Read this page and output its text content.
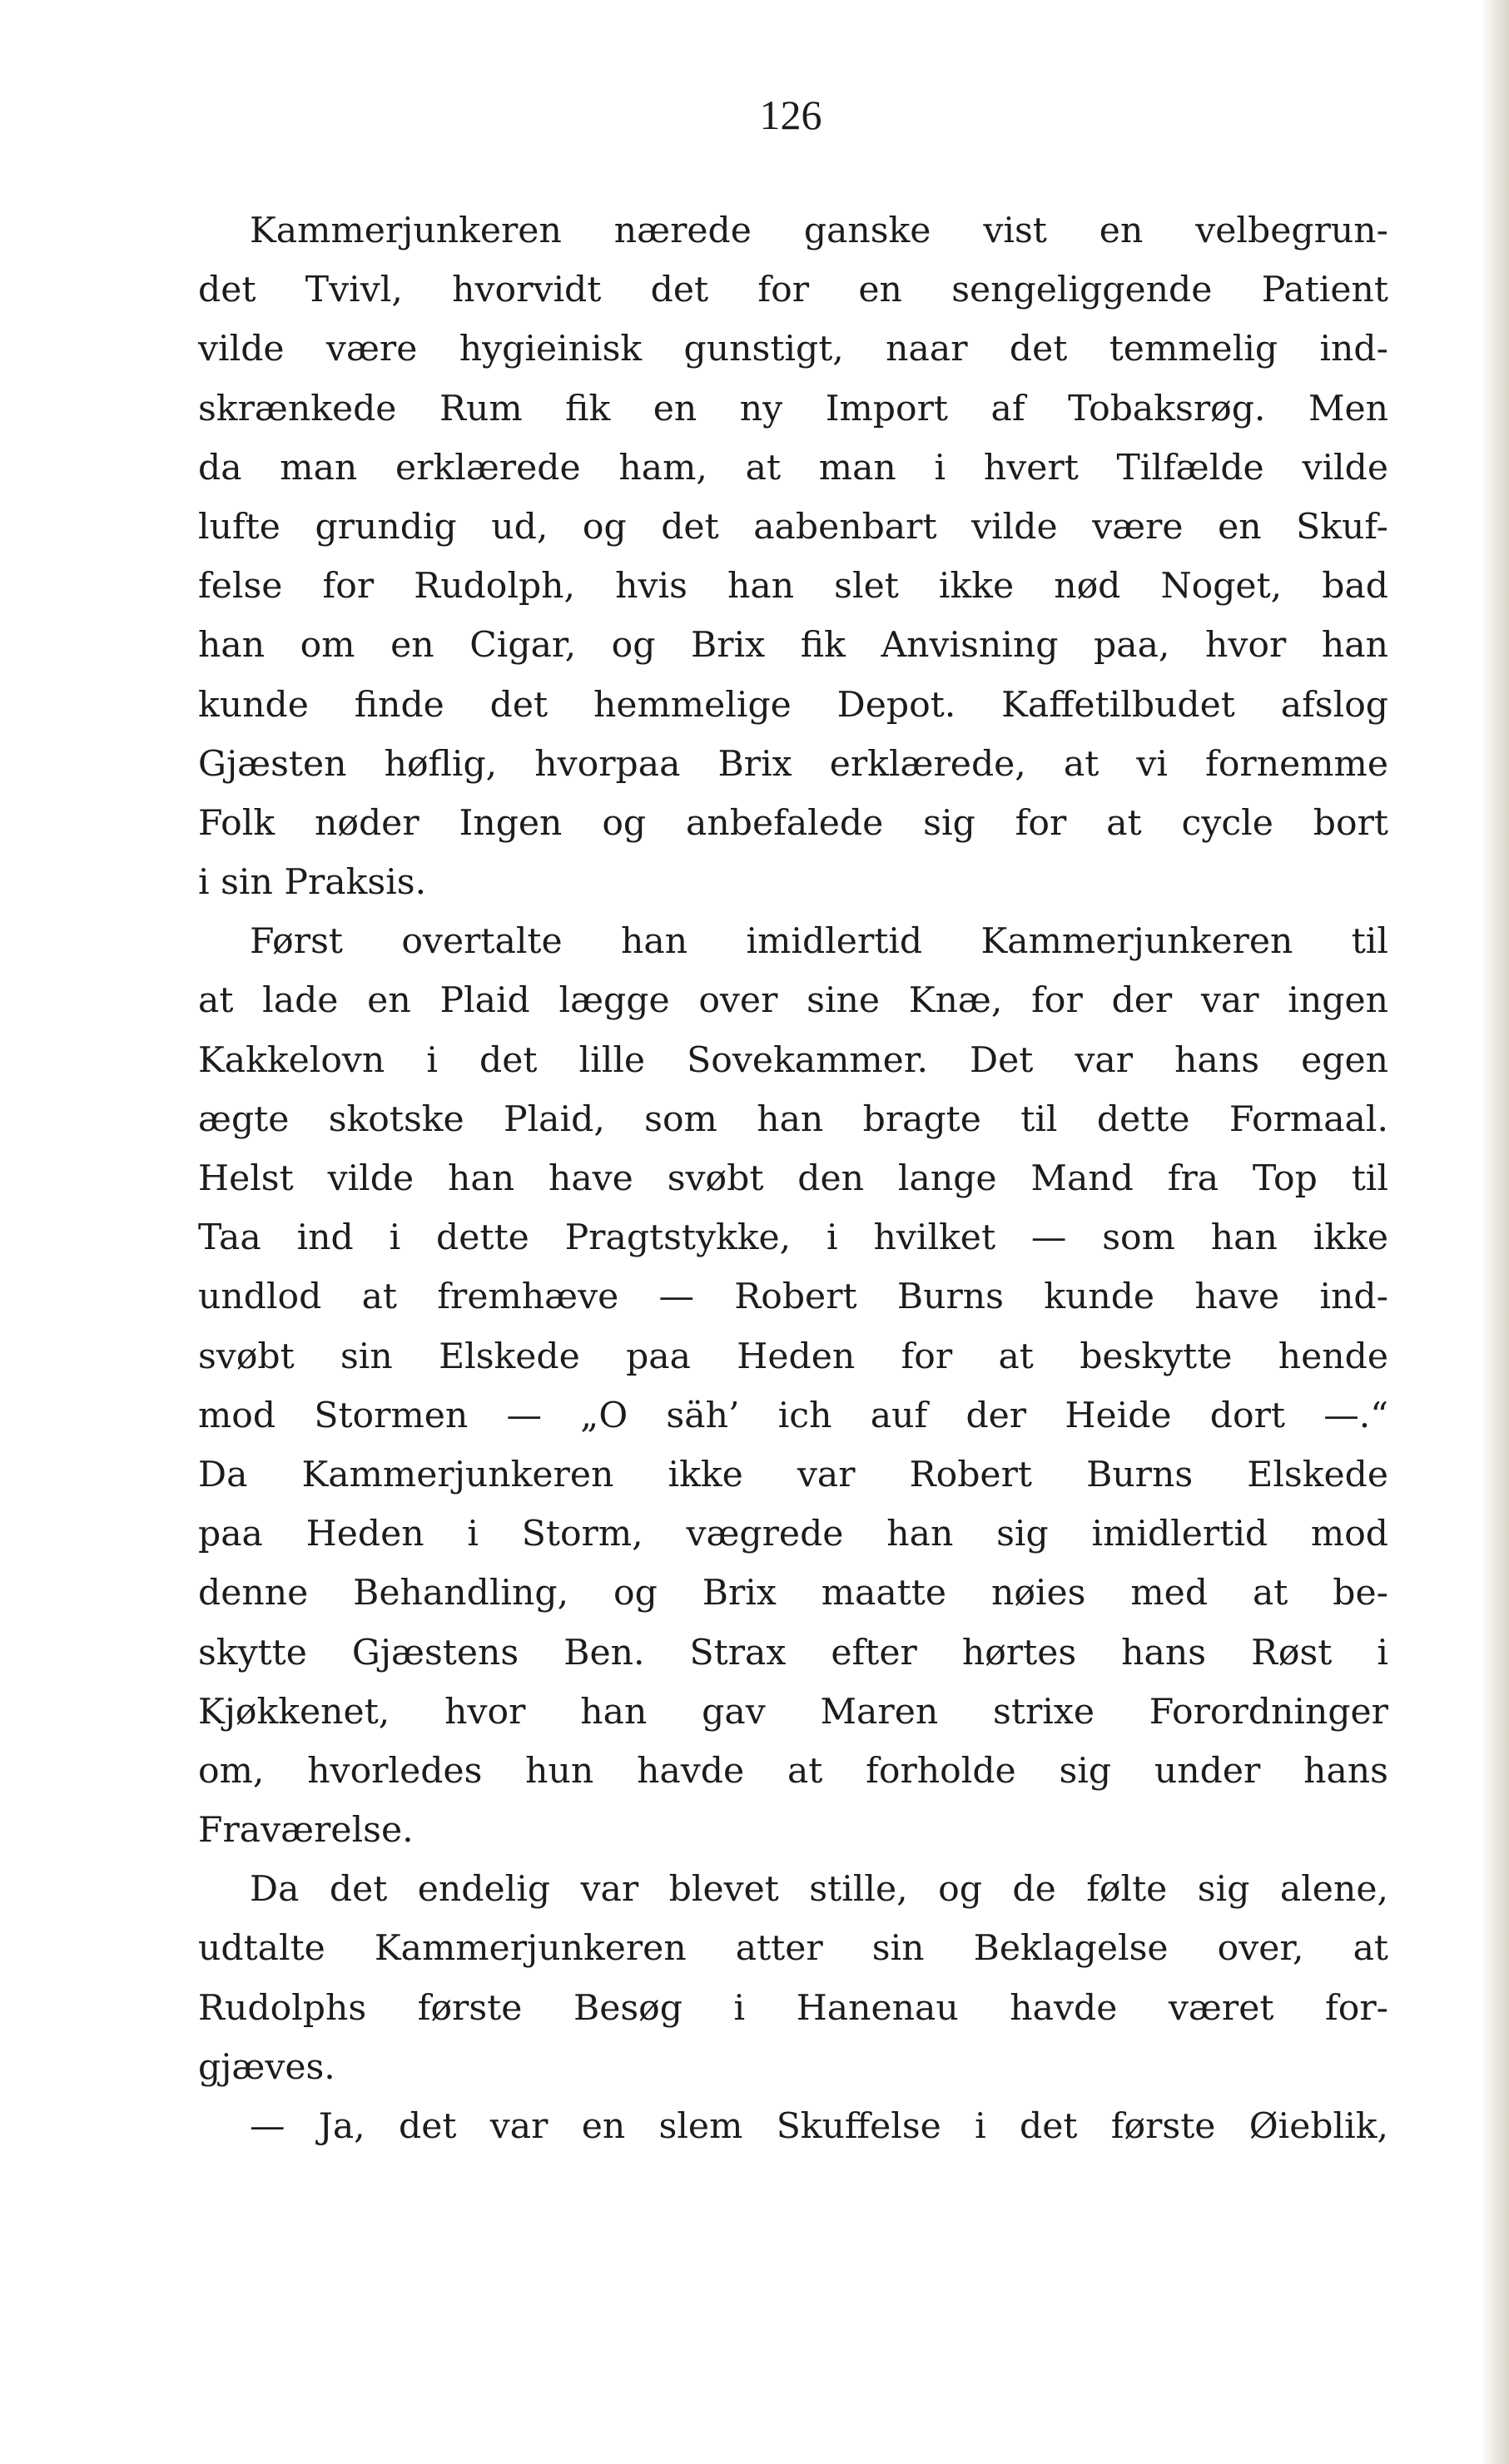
126
Kammerjunkeren nærede ganske vist en velbegrun-
det Tvivl, hvorvidt det for en sengeliggende Patient
vilde være hygieinisk gunstigt, naar det temmelig ind-
skrænkede Rum fik en ny Import af Tobaksrøg. Men
da man erklærede ham, at man i hvert Tilfælde vilde
lufte grundig ud, og det aabenbart vilde være en Skuf-
felse for Rudolph, hvis han slet ikke nød Noget, bad
han om en Cigar, og Brix fik Anvisning paa, hvor han
kunde finde det hemmelige Depot. Kaffetilbudet afslog
Gjæsten høflig, hvorpaa Brix erklærede, at vi fornemme
Folk nøder Ingen og anbefalede sig for at cycle bort
i sin Praksis.
Først overtalte han imidlertid Kammerjunkeren til
at lade en Plaid lægge over sine Knæ, for der var ingen
Kakkelovn i det lille Sovekammer. Det var hans egen
ægte skotske Plaid, som han bragte til dette Formaal.
Helst vilde han have svøbt den lange Mand fra Top til
Taa ind i dette Pragtstykke, i hvilket — som han ikke
undlod at fremhæve — Robert Burns kunde have ind-
svøbt sin Elskede paa Heden for at beskytte hende
mod Stormen — „O säh’ ich auf der Heide dort —.“
Da Kammerjunkeren ikke var Robert Burns Elskede
paa Heden i Storm, vægrede han sig imidlertid mod
denne Behandling, og Brix maatte nøies med at be-
skytte Gjæstens Ben. Strax efter hørtes hans Røst i
Kjøkkenet, hvor han gav Maren strixe Forordninger
om, hvorledes hun havde at forholde sig under hans
Fraværelse.
Da det endelig var blevet stille, og de følte sig alene,
udtalte Kammerjunkeren atter sin Beklagelse over, at
Rudolphs første Besøg i Hanenau havde været for-
gjæves.
— Ja, det var en slem Skuffelse i det første Øieblik,
